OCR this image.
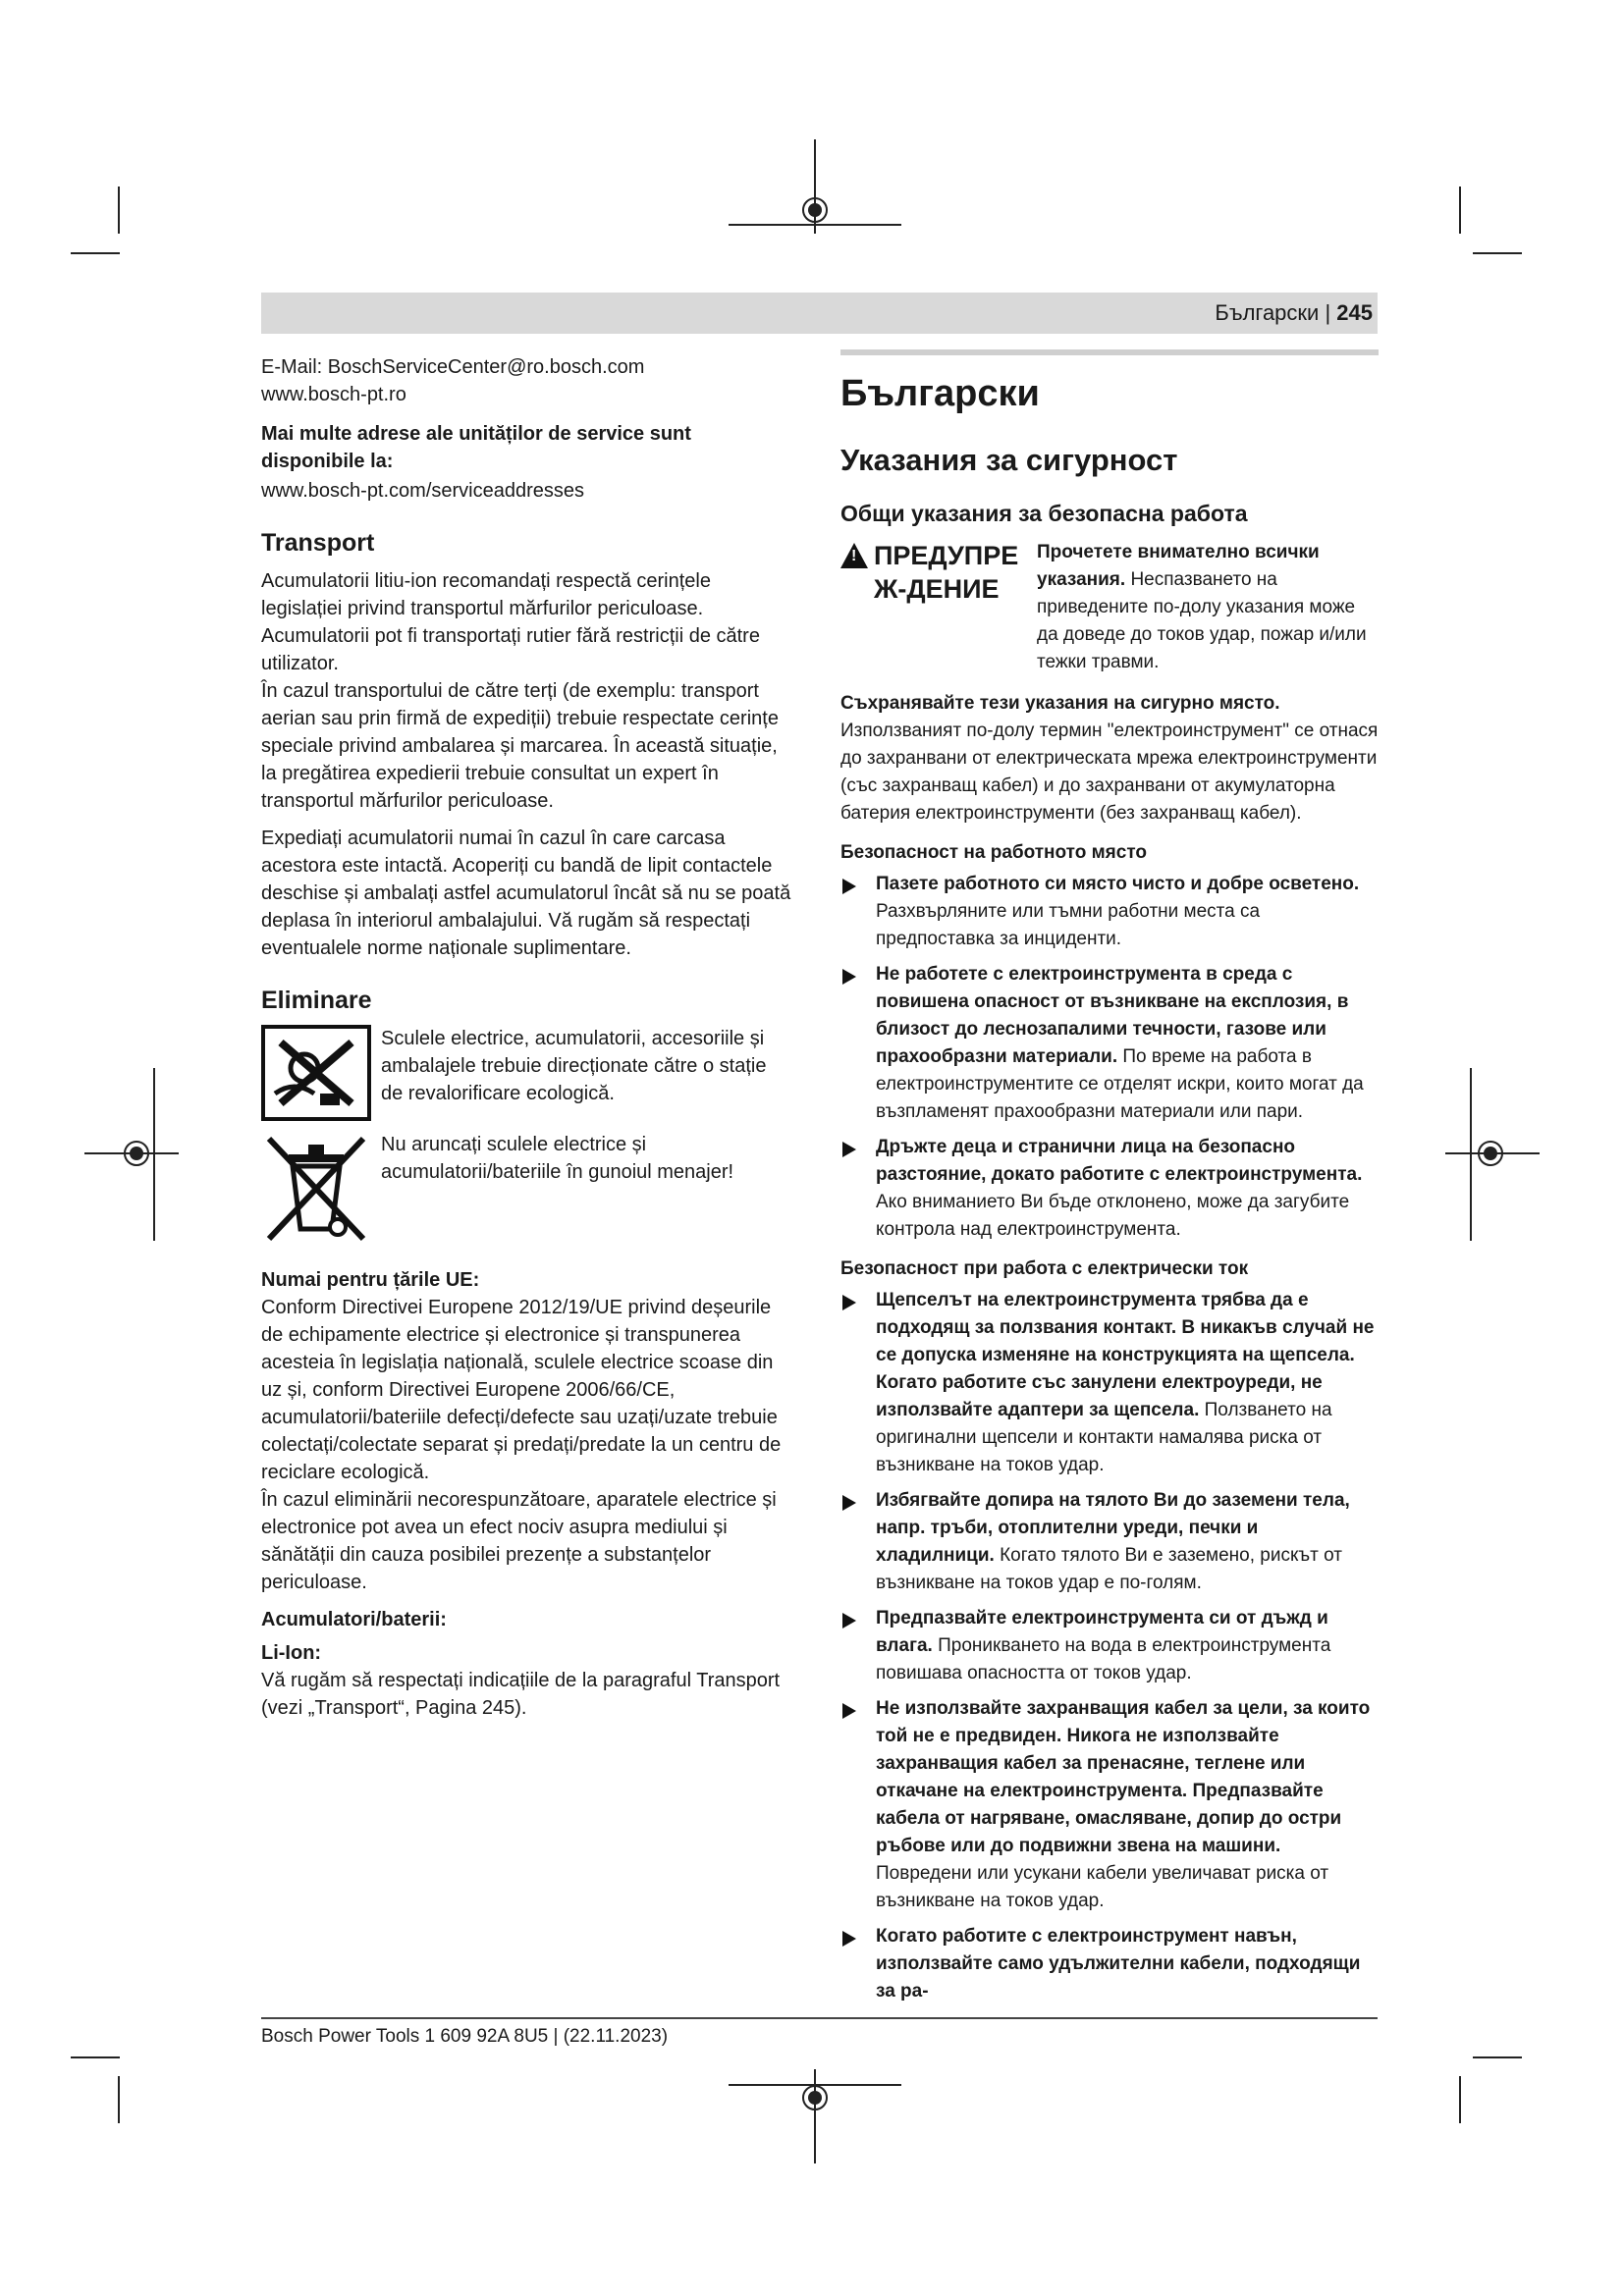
Български | 245
E-Mail: BoschServiceCenter@ro.bosch.com
www.bosch-pt.ro
Mai multe adrese ale unităților de service sunt disponibile la:
www.bosch-pt.com/serviceaddresses
Transport

Acumulatorii litiu-ion recomandați respectă cerințele legislației privind transportul mărfurilor periculoase. Acumulatorii pot fi transportați rutier fără restricții de către utilizator.

În cazul transportului de către terți (de exemplu: transport aerian sau prin firmă de expediții) trebuie respectate cerințe speciale privind ambalarea și marcarea. În această situație, la pregătirea expedierii trebuie consultat un expert în transportul mărfurilor periculoase.

Expediați acumulatorii numai în cazul în care carcasa acestora este intactă. Acoperiți cu bandă de lipit contactele deschise și ambalați astfel acumulatorul încât să nu se poată deplasa în interiorul ambalajului. Vă rugăm să respectați eventualele norme naționale suplimentare.

Eliminare
Sculele electrice, acumulatorii, accesoriile și ambalajele trebuie direcționate către o stație de revalorificare ecologică.
Nu aruncați sculele electrice și acumulatorii/bateriile în gunoiul menajer!
Numai pentru țările UE:

Conform Directivei Europene 2012/19/UE privind deșeurile de echipamente electrice și electronice și transpunerea acesteia în legislația națională, sculele electrice scoase din uz și, conform Directivei Europene 2006/66/CE, acumulatorii/bateriile defecți/defecte sau uzați/uzate trebuie colectați/colectate separat și predați/predate la un centru de reciclare ecologică.

În cazul eliminării necorespunzătoare, aparatele electrice și electronice pot avea un efect nociv asupra mediului și sănătății din cauza posibilei prezențe a substanțelor periculoase.

Acumulatori/baterii:
Li-Ion:
Vă rugăm să respectați indicațiile de la paragraful Transport (vezi „Transport“, Pagina 245).
Български
Указания за сигурност
Общи указания за безопасна работа
! ПРЕДУПРЕЖ-ДЕНИЕ
Прочетете внимателно всички указания. Неспазването на приведените по-долу указания може да доведе до токов удар, пожар и/или тежки травми.
Съхранявайте тези указания на сигурно място.

Използваният по-долу термин "електроинструмент" се отнася до захранвани от електрическата мрежа електроинструменти (със захранващ кабел) и до захранвани от акумулаторна батерия електроинструменти (без захранващ кабел).

Безопасност на работното място
Пазете работното си място чисто и добре осветено. Разхвърляните или тъмни работни места са предпоставка за инциденти.
Не работете с електроинструмента в среда с повишена опасност от възникване на експлозия, в близост до леснозапалими течности, газове или прахообразни материали. По време на работа в електроинструментите се отделят искри, които могат да възпламенят прахообразни материали или пари.
Дръжте деца и странични лица на безопасно разстояние, докато работите с електроинструмента. Ако вниманието Ви бъде отклонено, може да загубите контрола над електроинструмента.
Безопасност при работа с електрически ток
Щепселът на електроинструмента трябва да е подходящ за ползвания контакт. В никакъв случай не се допуска изменяне на конструкцията на щепсела. Когато работите със занулени електроуреди, не използвайте адаптери за щепсела. Ползването на оригинални щепсели и контакти намалява риска от възникване на токов удар.
Избягвайте допира на тялото Ви до заземени тела, напр. тръби, отоплителни уреди, печки и хладилници. Когато тялото Ви е заземено, рискът от възникване на токов удар е по-голям.
Предпазвайте електроинструмента си от дъжд и влага. Проникването на вода в електроинструмента повишава опасността от токов удар.
Не използвайте захранващия кабел за цели, за които той не е предвиден. Никога не използвайте захранващия кабел за пренасяне, теглене или откачане на електроинструмента. Предпазвайте кабела от нагряване, омасляване, допир до остри ръбове или до подвижни звена на машини. Повредени или усукани кабели увеличават риска от възникване на токов удар.
Когато работите с електроинструмент навън, използвайте само удължителни кабели, подходящи за ра-
Bosch Power Tools 1 609 92A 8U5 | (22.11.2023)
